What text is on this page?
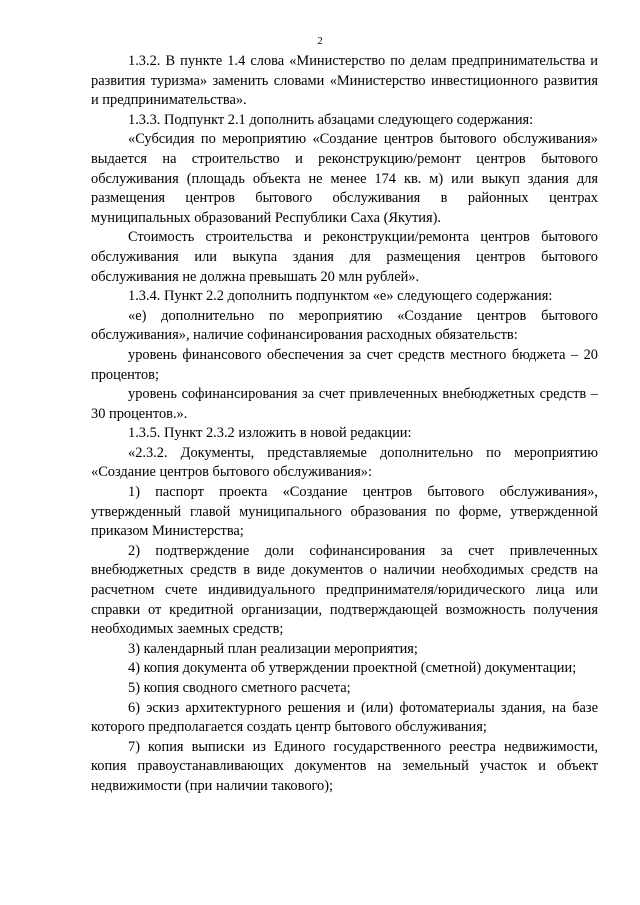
2

1.3.2. В пункте 1.4 слова «Министерство по делам предпринимательства и развития туризма» заменить словами «Министерство инвестиционного развития и предпринимательства».

1.3.3. Подпункт 2.1 дополнить абзацами следующего содержания:

«Субсидия по мероприятию «Создание центров бытового обслуживания» выдается на строительство и реконструкцию/ремонт центров бытового обслуживания (площадь объекта не менее 174 кв. м) или выкуп здания для размещения центров бытового обслуживания в районных центрах муниципальных образований Республики Саха (Якутия).

Стоимость строительства и реконструкции/ремонта центров бытового обслуживания или выкупа здания для размещения центров бытового обслуживания не должна превышать 20 млн рублей».

1.3.4. Пункт 2.2 дополнить подпунктом «е» следующего содержания:

«е) дополнительно по мероприятию «Создание центров бытового обслуживания», наличие софинансирования расходных обязательств:

уровень финансового обеспечения за счет средств местного бюджета – 20 процентов;

уровень софинансирования за счет привлеченных внебюджетных средств – 30 процентов.».

1.3.5. Пункт 2.3.2 изложить в новой редакции:

«2.3.2. Документы, представляемые дополнительно по мероприятию «Создание центров бытового обслуживания»:

1) паспорт проекта «Создание центров бытового обслуживания», утвержденный главой муниципального образования по форме, утвержденной приказом Министерства;

2) подтверждение доли софинансирования за счет привлеченных внебюджетных средств в виде документов о наличии необходимых средств на расчетном счете индивидуального предпринимателя/юридического лица или справки от кредитной организации, подтверждающей возможность получения необходимых заемных средств;

3) календарный план реализации мероприятия;

4) копия документа об утверждении проектной (сметной) документации;

5) копия сводного сметного расчета;

6) эскиз архитектурного решения и (или) фотоматериалы здания, на базе которого предполагается создать центр бытового обслуживания;

7) копия выписки из Единого государственного реестра недвижимости, копия правоустанавливающих документов на земельный участок и объект недвижимости (при наличии такового);
